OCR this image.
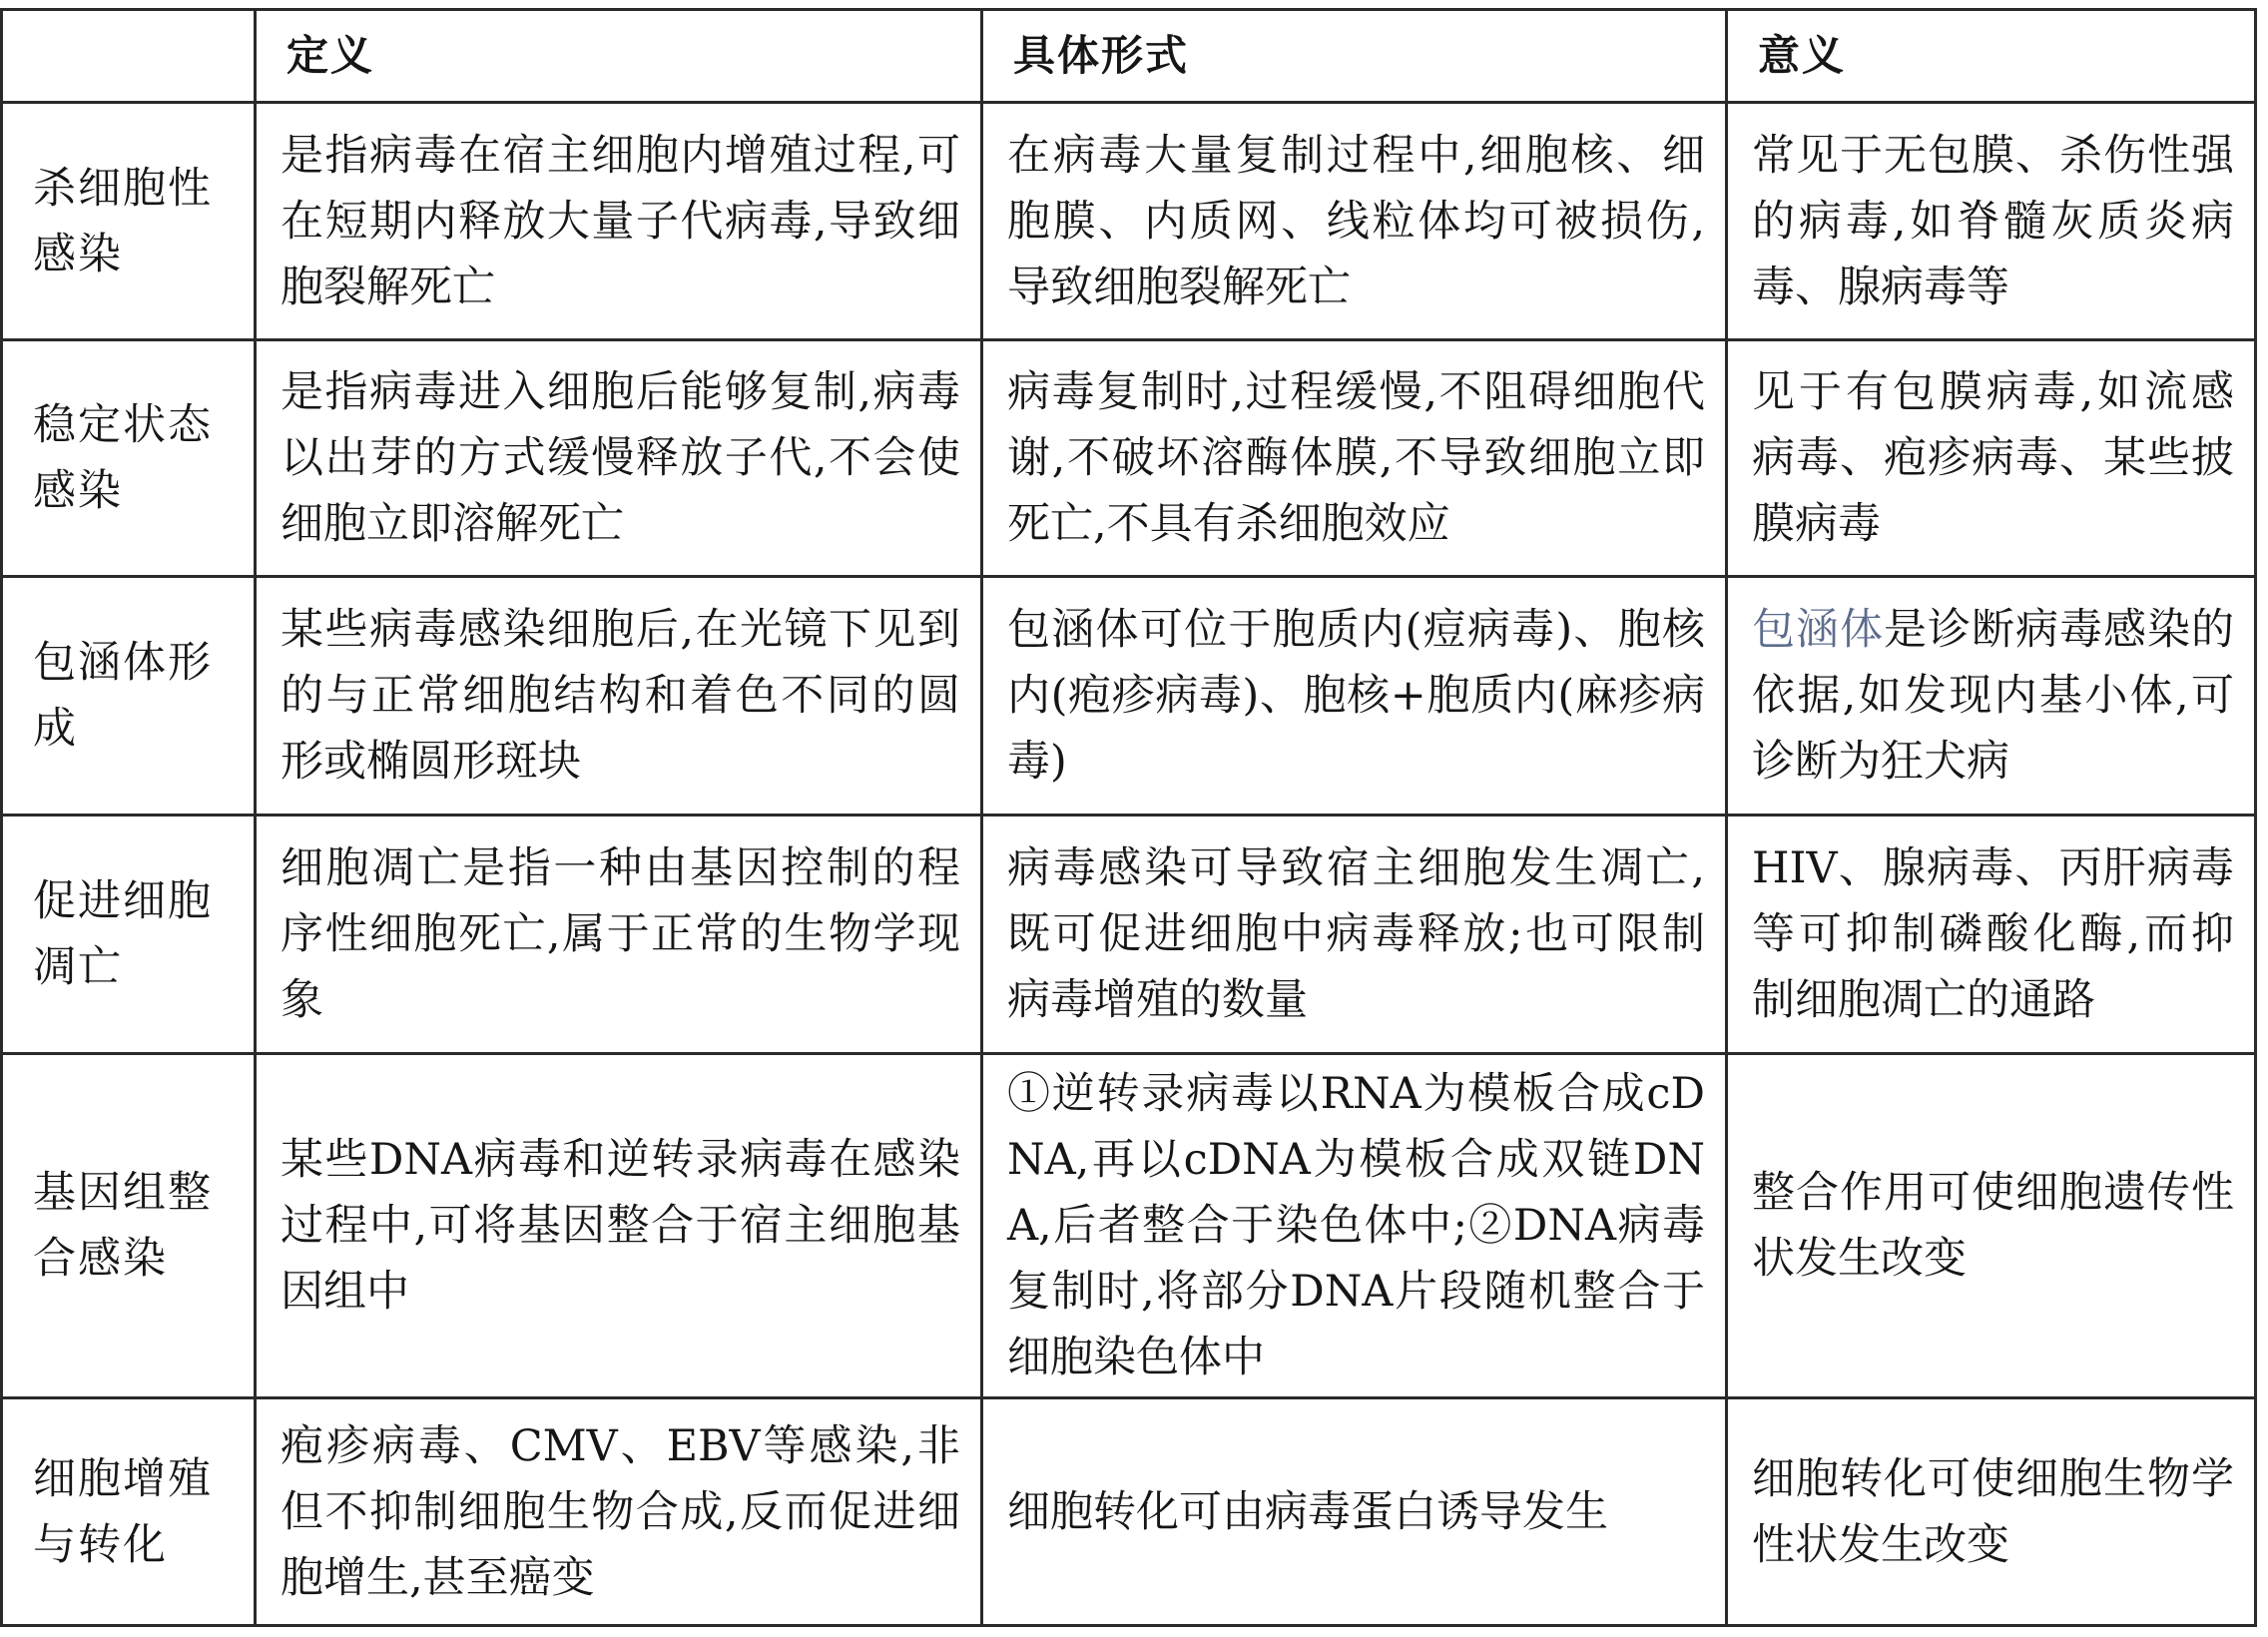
	定义	具体形式	意义
杀细胞性感染	是指病毒在宿主细胞内增殖过程,可在短期内释放大量子代病毒,导致细胞裂解死亡	在病毒大量复制过程中,细胞核、细胞膜、内质网、线粒体均可被损伤,导致细胞裂解死亡	常见于无包膜、杀伤性强的病毒,如脊髓灰质炎病毒、腺病毒等
稳定状态感染	是指病毒进入细胞后能够复制,病毒以出芽的方式缓慢释放子代,不会使细胞立即溶解死亡	病毒复制时,过程缓慢,不阻碍细胞代谢,不破坏溶酶体膜,不导致细胞立即死亡,不具有杀细胞效应	见于有包膜病毒,如流感病毒、疱疹病毒、某些披膜病毒
包涵体形成	某些病毒感染细胞后,在光镜下见到的与正常细胞结构和着色不同的圆形或椭圆形斑块	包涵体可位于胞质内(痘病毒)、胞核内(疱疹病毒)、胞核+胞质内(麻疹病毒)	包涵体是诊断病毒感染的依据,如发现内基小体,可诊断为狂犬病
促进细胞凋亡	细胞凋亡是指一种由基因控制的程序性细胞死亡,属于正常的生物学现象	病毒感染可导致宿主细胞发生凋亡,既可促进细胞中病毒释放;也可限制病毒增殖的数量	HIV、腺病毒、丙肝病毒等可抑制磷酸化酶,而抑制细胞凋亡的通路
基因组整合感染	某些DNA病毒和逆转录病毒在感染过程中,可将基因整合于宿主细胞基因组中	①逆转录病毒以RNA为模板合成cDNA,再以cDNA为模板合成双链DNA,后者整合于染色体中;②DNA病毒复制时,将部分DNA片段随机整合于细胞染色体中	整合作用可使细胞遗传性状发生改变
细胞增殖与转化	疱疹病毒、CMV、EBV等感染,非但不抑制细胞生物合成,反而促进细胞增生,甚至癌变	细胞转化可由病毒蛋白诱导发生	细胞转化可使细胞生物学性状发生改变
